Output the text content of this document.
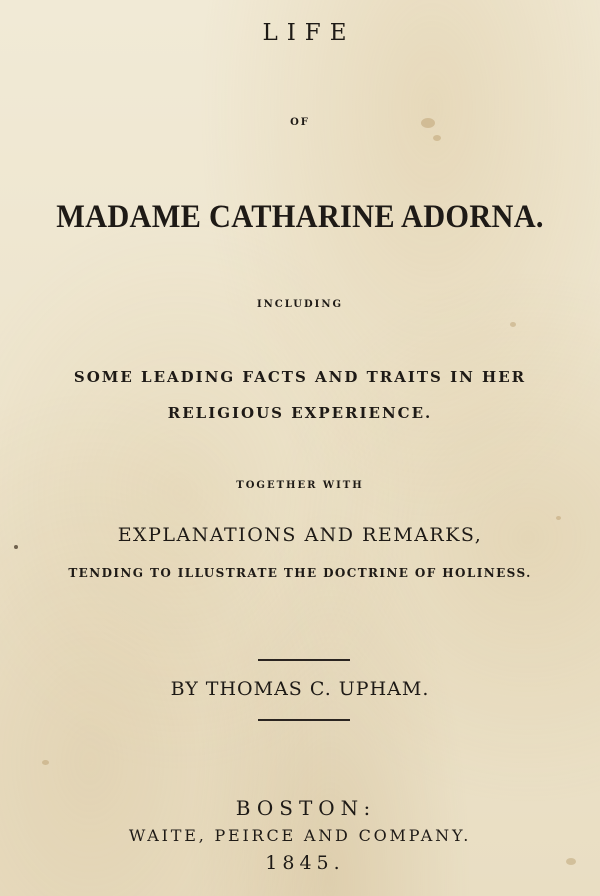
LIFE

OF

MADAME CATHARINE ADORNA.

INCLUDING

SOME LEADING FACTS AND TRAITS IN HER

RELIGIOUS EXPERIENCE.

TOGETHER WITH

EXPLANATIONS AND REMARKS,

TENDING TO ILLUSTRATE THE DOCTRINE OF HOLINESS.

BY THOMAS C. UPHAM.

BOSTON:

WAITE, PEIRCE AND COMPANY.

1845.
